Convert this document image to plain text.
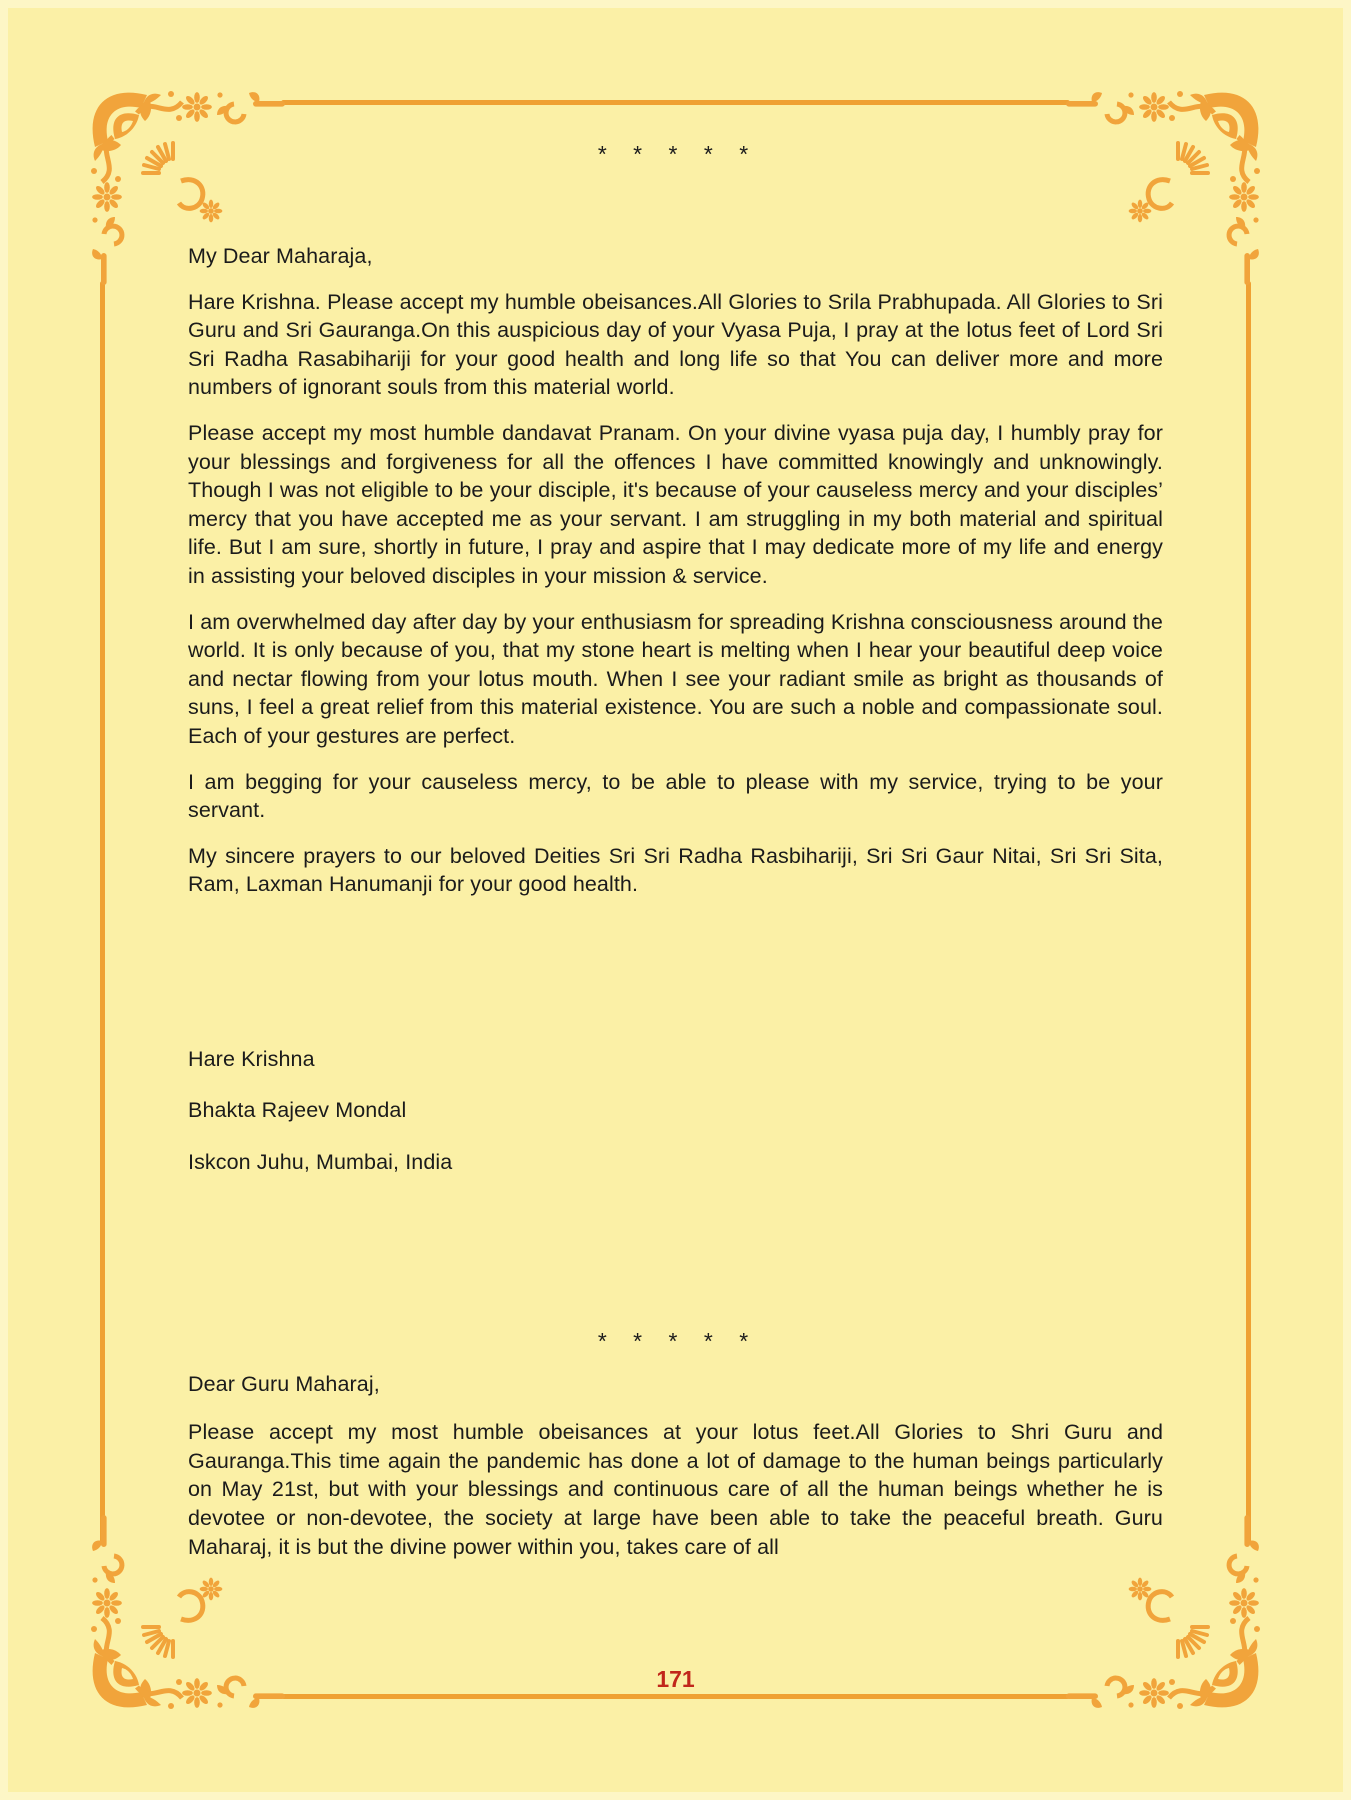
* * * * *
My Dear Maharaja,

Hare Krishna. Please accept my humble obeisances.All Glories to Srila Prabhupada. All Glories to Sri Guru and Sri Gauranga.On this auspicious day of your Vyasa Puja, I pray at the lotus feet of Lord Sri Sri Radha Rasabihariji for your good health and long life so that You can deliver more and more numbers of ignorant souls from this material world.

Please accept my most humble dandavat Pranam. On your divine vyasa puja day, I humbly pray for your blessings and forgiveness for all the offences I have committed knowingly and unknowingly. Though I was not eligible to be your disciple, it's because of your causeless mercy and your disciples’ mercy that you have accepted me as your servant. I am struggling in my both material and spiritual life. But I am sure, shortly in future, I pray and aspire that I may dedicate more of my life and energy in assisting your beloved disciples in your mission & service.

I am overwhelmed day after day by your enthusiasm for spreading Krishna consciousness around the world. It is only because of you, that my stone heart is melting when I hear your beautiful deep voice and nectar flowing from your lotus mouth. When I see your radiant smile as bright as thousands of suns, I feel a great relief from this material existence. You are such a noble and compassionate soul. Each of your gestures are perfect.

I am begging for your causeless mercy, to be able to please with my service, trying to be your servant.

My sincere prayers to our beloved Deities Sri Sri Radha Rasbihariji, Sri Sri Gaur Nitai, Sri Sri Sita, Ram, Laxman Hanumanji for your good health.

Hare Krishna
Bhakta Rajeev Mondal
Iskcon Juhu, Mumbai, India
* * * * *
Dear Guru Maharaj,

Please accept my most humble obeisances at your lotus feet.All Glories to Shri Guru and Gauranga.This time again the pandemic has done a lot of damage to the human beings particularly on May 21st, but with your blessings and continuous care of all the human beings whether he is devotee or non-devotee, the society at large have been able to take the peaceful breath. Guru Maharaj, it is but the divine power within you, takes care of all

171
